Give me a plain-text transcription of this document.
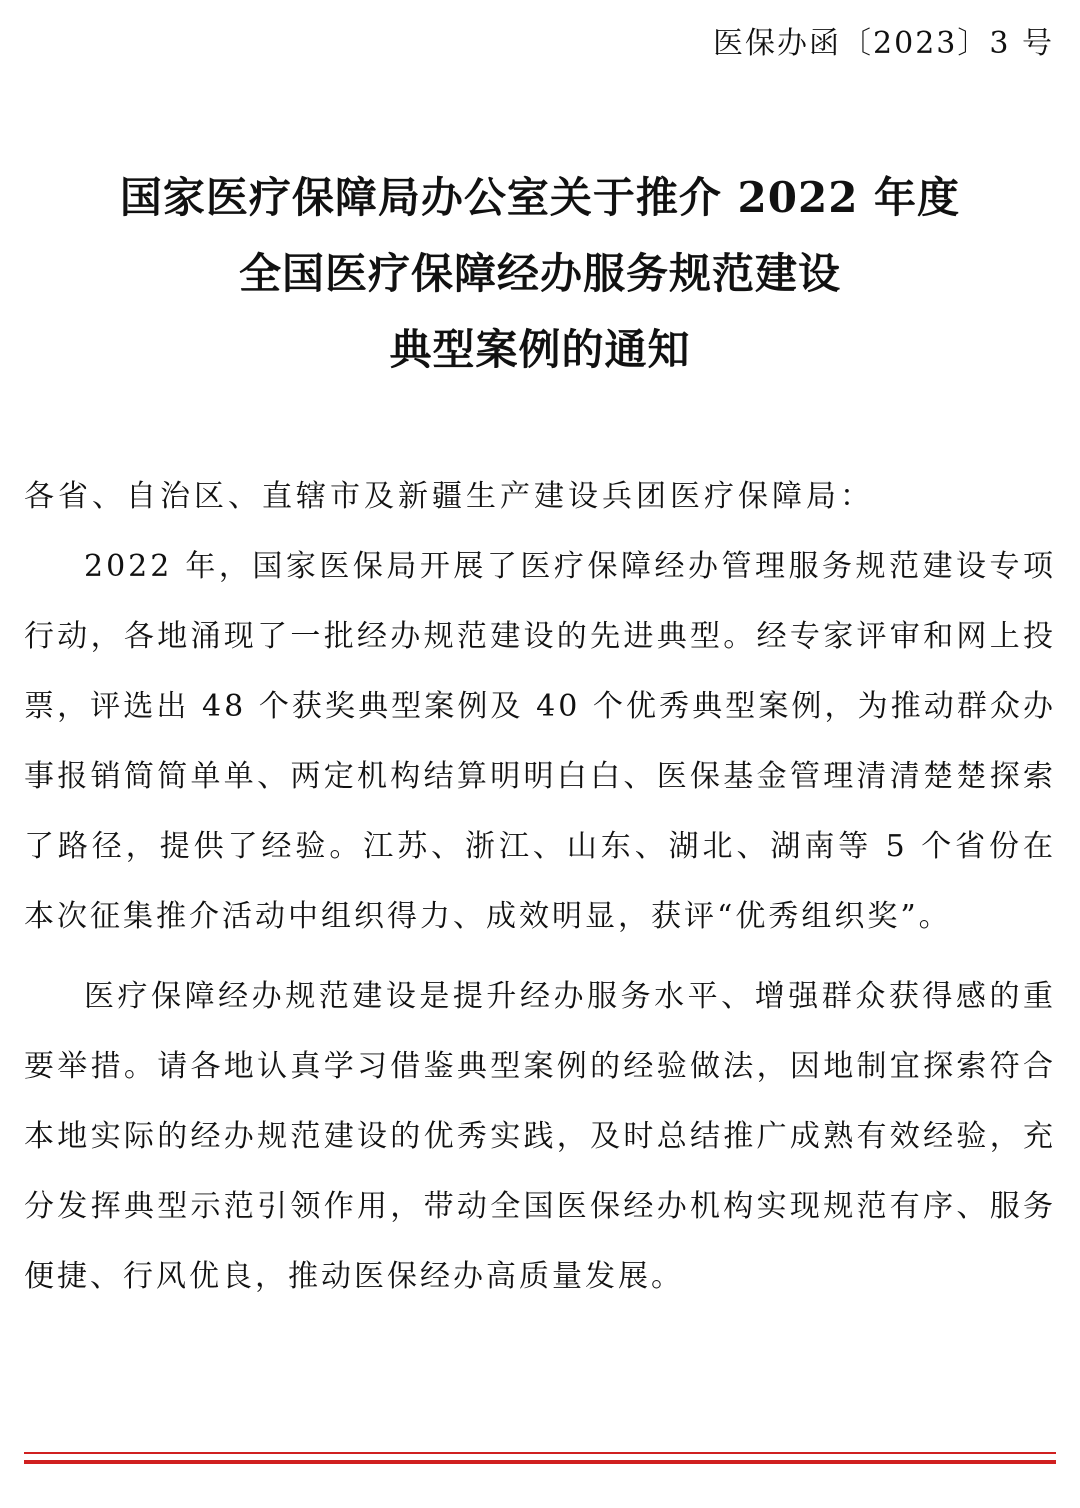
医保办函〔2023〕3 号
国家医疗保障局办公室关于推介 2022 年度
全国医疗保障经办服务规范建设
典型案例的通知

各省、自治区、直辖市及新疆生产建设兵团医疗保障局：

2022 年，国家医保局开展了医疗保障经办管理服务规范建设专项行动，各地涌现了一批经办规范建设的先进典型。经专家评审和网上投票，评选出 48 个获奖典型案例及 40 个优秀典型案例，为推动群众办事报销简简单单、两定机构结算明明白白、医保基金管理清清楚楚探索了路径，提供了经验。江苏、浙江、山东、湖北、湖南等 5 个省份在本次征集推介活动中组织得力、成效明显，获评“优秀组织奖”。

医疗保障经办规范建设是提升经办服务水平、增强群众获得感的重要举措。请各地认真学习借鉴典型案例的经验做法，因地制宜探索符合本地实际的经办规范建设的优秀实践，及时总结推广成熟有效经验，充分发挥典型示范引领作用，带动全国医保经办机构实现规范有序、服务便捷、行风优良，推动医保经办高质量发展。
